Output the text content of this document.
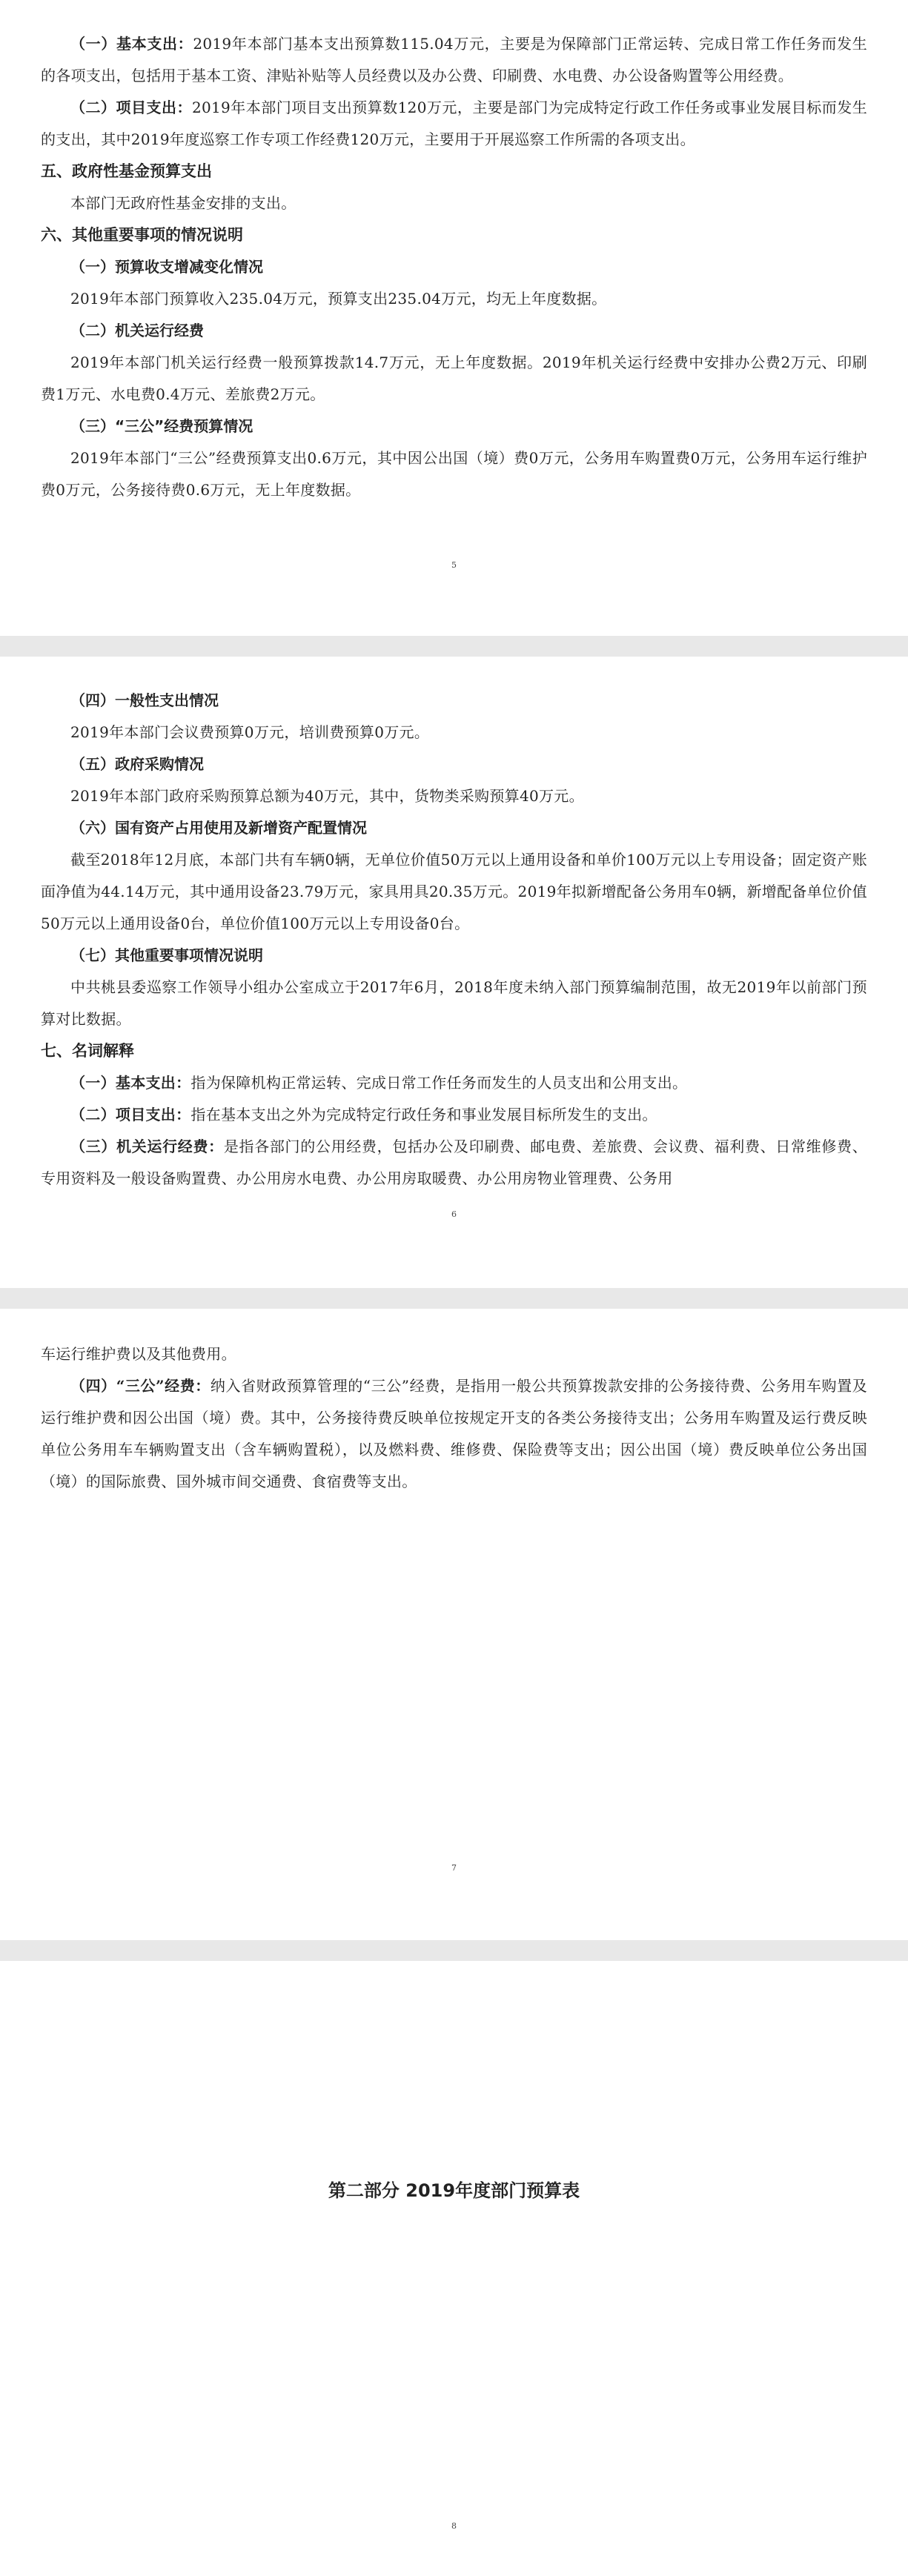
（一）基本支出：2019年本部门基本支出预算数115.04万元，主要是为保障部门正常运转、完成日常工作任务而发生的各项支出，包括用于基本工资、津贴补贴等人员经费以及办公费、印刷费、水电费、办公设备购置等公用经费。

（二）项目支出：2019年本部门项目支出预算数120万元，主要是部门为完成特定行政工作任务或事业发展目标而发生的支出，其中2019年度巡察工作专项工作经费120万元，主要用于开展巡察工作所需的各项支出。

五、政府性基金预算支出

本部门无政府性基金安排的支出。

六、其他重要事项的情况说明

（一）预算收支增减变化情况

2019年本部门预算收入235.04万元，预算支出235.04万元，均无上年度数据。

（二）机关运行经费

2019年本部门机关运行经费一般预算拨款14.7万元，无上年度数据。2019年机关运行经费中安排办公费2万元、印刷费1万元、水电费0.4万元、差旅费2万元。

（三）“三公”经费预算情况

2019年本部门“三公”经费预算支出0.6万元，其中因公出国（境）费0万元，公务用车购置费0万元，公务用车运行维护费0万元，公务接待费0.6万元，无上年度数据。

5

（四）一般性支出情况

2019年本部门会议费预算0万元，培训费预算0万元。

（五）政府采购情况

2019年本部门政府采购预算总额为40万元，其中，货物类采购预算40万元。

（六）国有资产占用使用及新增资产配置情况

截至2018年12月底，本部门共有车辆0辆，无单位价值50万元以上通用设备和单价100万元以上专用设备；固定资产账面净值为44.14万元，其中通用设备23.79万元，家具用具20.35万元。2019年拟新增配备公务用车0辆，新增配备单位价值50万元以上通用设备0台，单位价值100万元以上专用设备0台。

（七）其他重要事项情况说明

中共桃县委巡察工作领导小组办公室成立于2017年6月，2018年度未纳入部门预算编制范围，故无2019年以前部门预算对比数据。

七、名词解释

（一）基本支出：指为保障机构正常运转、完成日常工作任务而发生的人员支出和公用支出。

（二）项目支出：指在基本支出之外为完成特定行政任务和事业发展目标所发生的支出。

（三）机关运行经费：是指各部门的公用经费，包括办公及印刷费、邮电费、差旅费、会议费、福利费、日常维修费、专用资料及一般设备购置费、办公用房水电费、办公用房取暖费、办公用房物业管理费、公务用

6

车运行维护费以及其他费用。

（四）“三公”经费：纳入省财政预算管理的“三公”经费，是指用一般公共预算拨款安排的公务接待费、公务用车购置及运行维护费和因公出国（境）费。其中，公务接待费反映单位按规定开支的各类公务接待支出；公务用车购置及运行费反映单位公务用车车辆购置支出（含车辆购置税），以及燃料费、维修费、保险费等支出；因公出国（境）费反映单位公务出国（境）的国际旅费、国外城市间交通费、食宿费等支出。

7
第二部分 2019年度部门预算表
8
